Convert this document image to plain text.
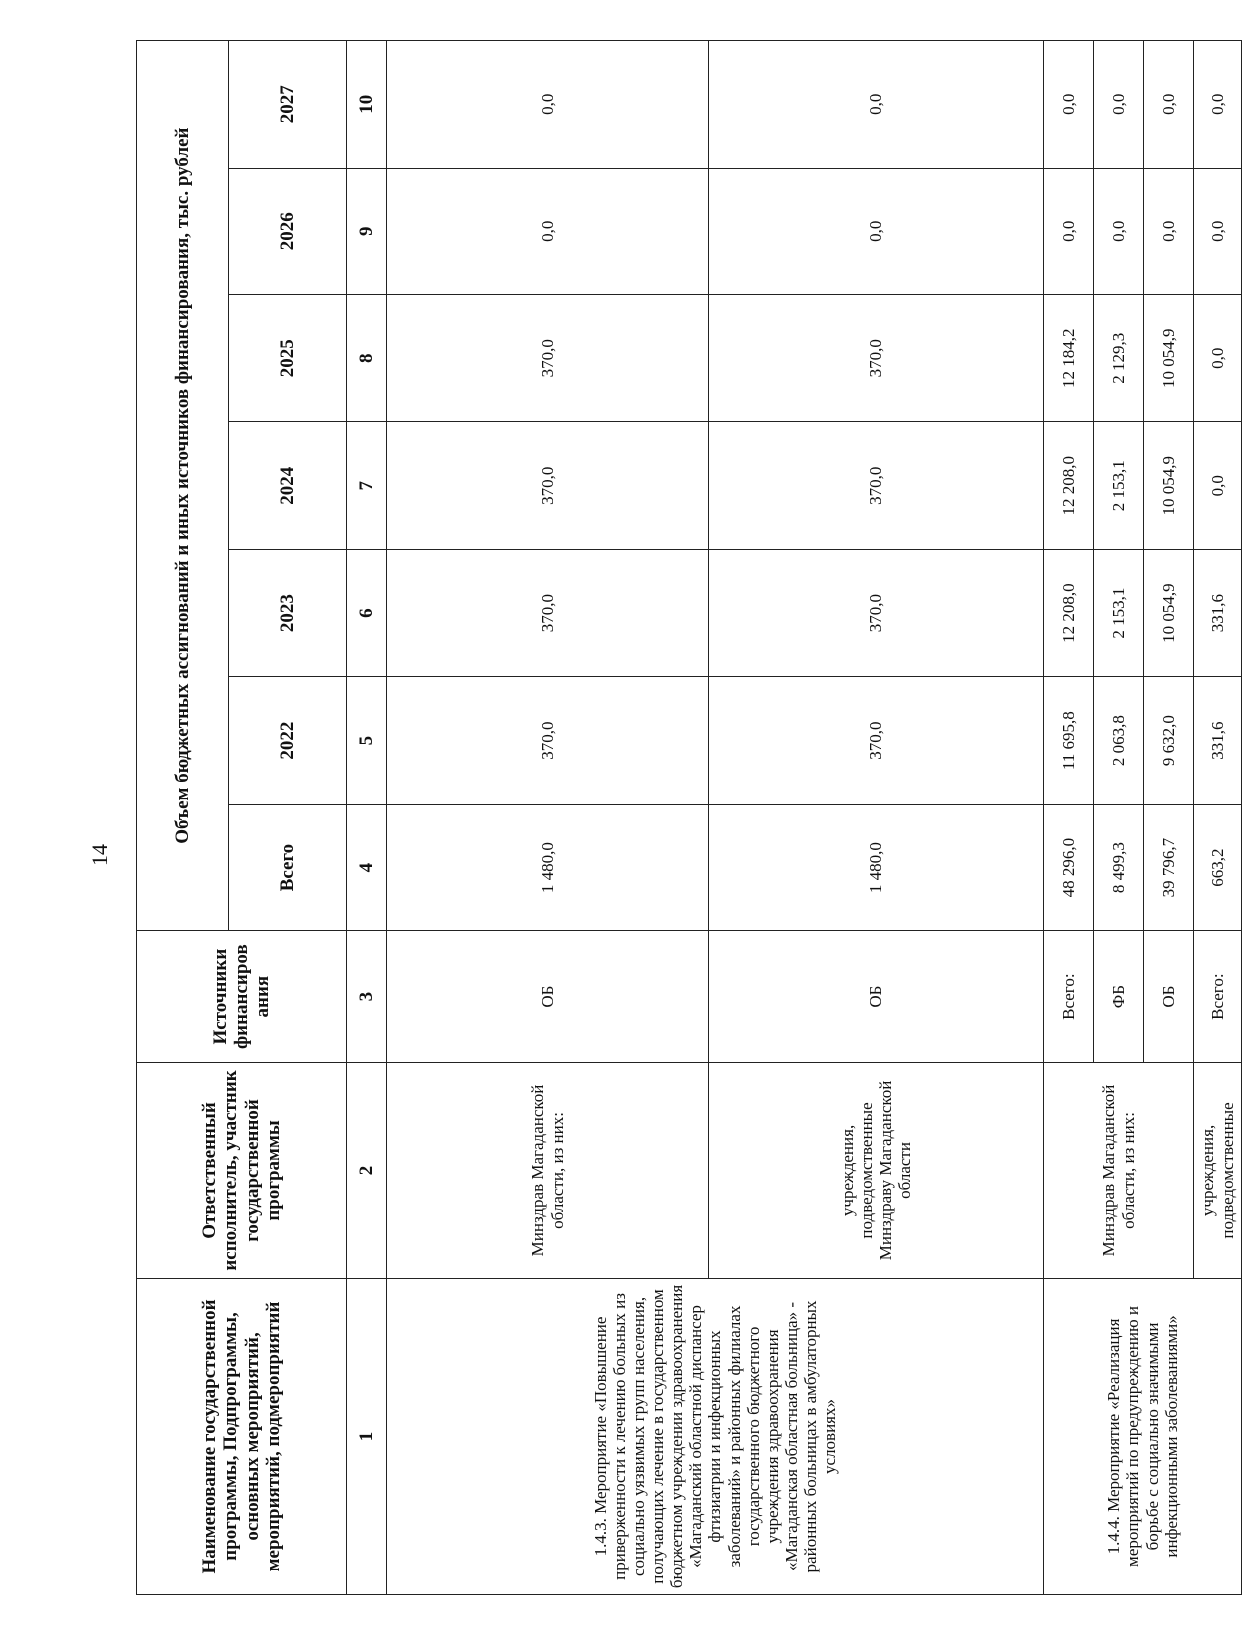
14
Наименование государственной программы, Подпрограммы, основных мероприятий, мероприятий, подмероприятий	Ответственный исполнитель, участник государственной программы	Источники финансиров ания	Объем бюджетных ассигнований и иных источников финансирования, тыс. рублей						
			Всего	2022	2023	2024	2025	2026	2027
1	2	3	4	5	6	7	8	9	10
1.4.3. Мероприятие «Повышение приверженности к лечению больных из социально уязвимых групп населения, получающих лечение в государственном бюджетном учреждении здравоохранения «Магаданский областной диспансер фтизиатрии и инфекционных заболеваний» и районных филиалах государственного бюджетного учреждения здравоохранения «Магаданская областная больница» - районных больницах в амбулаторных условиях»	Минздрав Магаданской области, из них:	ОБ	1 480,0	370,0	370,0	370,0	370,0	0,0	0,0
	учреждения, подведомственные Минздраву Магаданской области	ОБ	1 480,0	370,0	370,0	370,0	370,0	0,0	0,0
1.4.4. Мероприятие «Реализация мероприятий по предупреждению и борьбе с социально значимыми инфекционными заболеваниями»	Минздрав Магаданской области, из них:	Всего:	48 296,0	11 695,8	12 208,0	12 208,0	12 184,2	0,0	0,0
		ФБ	8 499,3	2 063,8	2 153,1	2 153,1	2 129,3	0,0	0,0
		ОБ	39 796,7	9 632,0	10 054,9	10 054,9	10 054,9	0,0	0,0
	учреждения, подведомственные	Всего:	663,2	331,6	331,6	0,0	0,0	0,0	0,0
